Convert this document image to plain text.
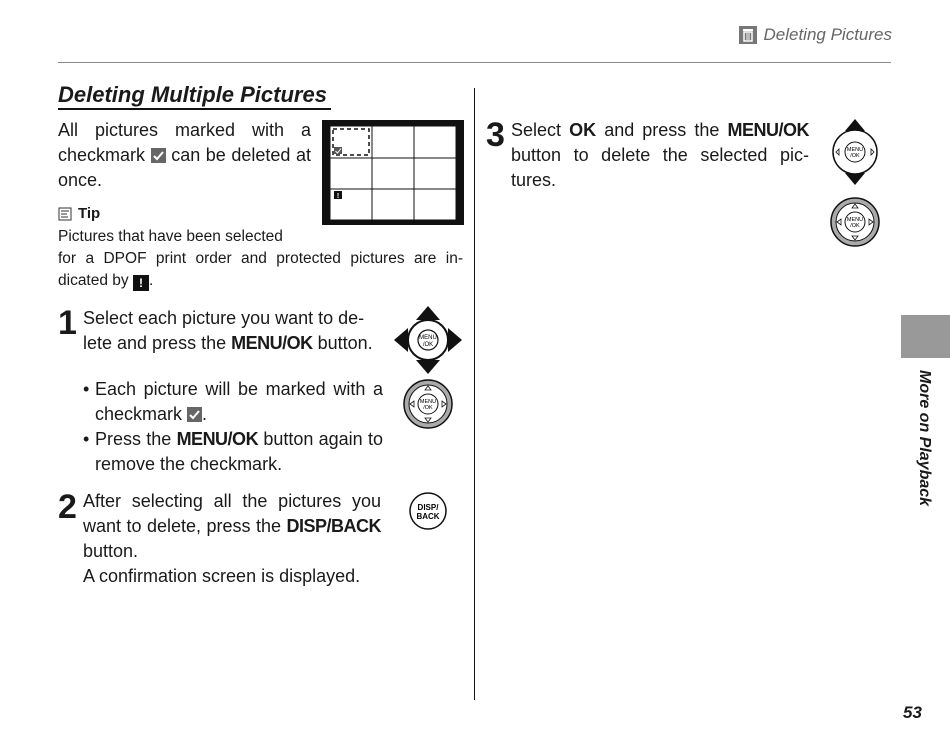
Deleting Pictures
Deleting Multiple Pictures
All pictures marked with a checkmark can be deleted at once.
!
Tip
Pictures that have been selected
for a DPOF print order and protected pictures are in-dicated by ! .
1 Select each picture you want to de-lete and press the MENU/OK button.
• Each picture will be marked with a checkmark .
• Press the MENU/OK button again to remove the checkmark.
MENU
/OK
MENU
/OK
2 After selecting all the pictures you want to delete, press the DISP/BACK button.
A confirmation screen is displayed.
DISP/
BACK
3 Select OK and press the MENU/OK button to delete the selected pic-tures.
MENU
/OK
MENU
/OK
More on Playback
53
